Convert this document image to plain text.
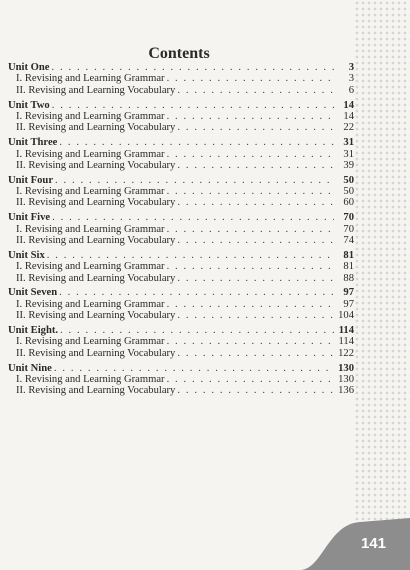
Contents
Unit One . . .	3
I. Revising and Learning Grammar . . .	3
II. Revising and Learning Vocabulary . . .	6
Unit Two . . .	14
I. Revising and Learning Grammar . . .	14
II. Revising and Learning Vocabulary . . .	22
Unit Three . . .	31
I. Revising and Learning Grammar . . .	31
II. Revising and Learning Vocabulary . . .	39
Unit Four . . .	50
I. Revising and Learning Grammar . . .	50
II. Revising and Learning Vocabulary . . .	60
Unit Five . . .	70
I. Revising and Learning Grammar . . .	70
II. Revising and Learning Vocabulary . . .	74
Unit Six . . .	81
I. Revising and Learning Grammar . . .	81
II. Revising and Learning Vocabulary . . .	88
Unit Seven . . .	97
I. Revising and Learning Grammar . . .	97
II. Revising and Learning Vocabulary . . .	104
Unit Eight. . . .	114
I. Revising and Learning Grammar . . .	114
II. Revising and Learning Vocabulary . . .	122
Unit Nine . . .	130
I. Revising and Learning Grammar . . .	130
II. Revising and Learning Vocabulary . . .	136
141
